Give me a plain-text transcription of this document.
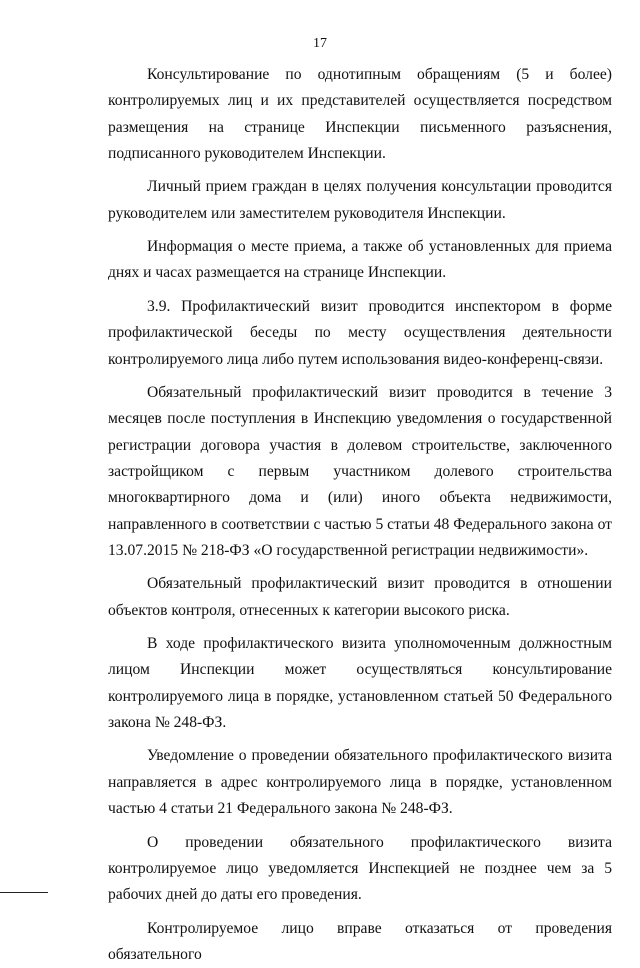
17

Консультирование по однотипным обращениям (5 и более) контролируемых лиц и их представителей осуществляется посредством размещения на странице Инспекции письменного разъяснения, подписанного руководителем Инспекции.

Личный прием граждан в целях получения консультации проводится руководителем или заместителем руководителя Инспекции.

Информация о месте приема, а также об установленных для приема днях и часах размещается на странице Инспекции.

3.9. Профилактический визит проводится инспектором в форме профилактической беседы по месту осуществления деятельности контролируемого лица либо путем использования видео-конференц-связи.

Обязательный профилактический визит проводится в течение 3 месяцев после поступления в Инспекцию уведомления о государственной регистрации договора участия в долевом строительстве, заключенного застройщиком с первым участником долевого строительства многоквартирного дома и (или) иного объекта недвижимости, направленного в соответствии с частью 5 статьи 48 Федерального закона от 13.07.2015 № 218-ФЗ «О государственной регистрации недвижимости».

Обязательный профилактический визит проводится в отношении объектов контроля, отнесенных к категории высокого риска.

В ходе профилактического визита уполномоченным должностным лицом Инспекции может осуществляться консультирование контролируемого лица в порядке, установленном статьей 50 Федерального закона № 248-ФЗ.

Уведомление о проведении обязательного профилактического визита направляется в адрес контролируемого лица в порядке, установленном частью 4 статьи 21 Федерального закона № 248-ФЗ.

О проведении обязательного профилактического визита контролируемое лицо уведомляется Инспекцией не позднее чем за 5 рабочих дней до даты его проведения.

Контролируемое лицо вправе отказаться от проведения обязательного
